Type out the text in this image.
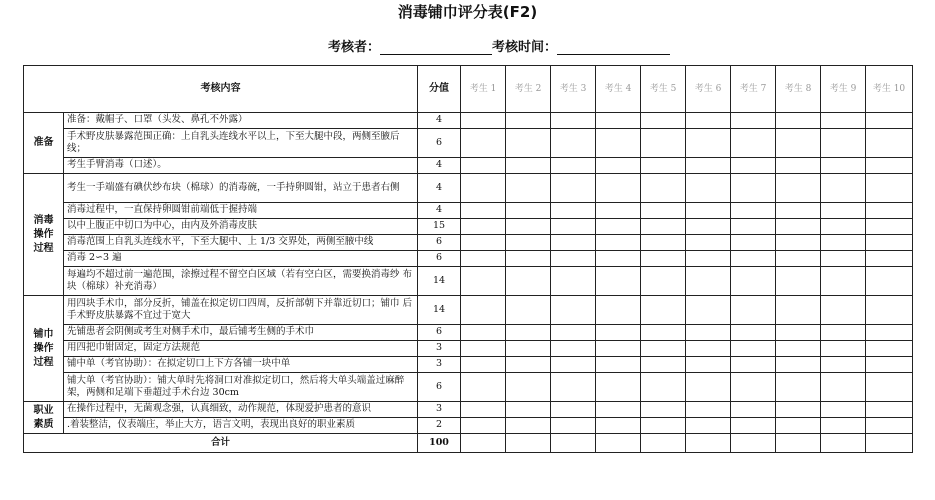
消毒铺巾评分表(F2)
考核者：	考核时间：
考核内容		分值	考生 1	考生 2	考生 3	考生 4	考生 5	考生 6	考生 7	考生 8	考生 9	考生 10
准备	准备：戴帽子、口罩（头发、鼻孔不外露）	4										
	手术野皮肤暴露范围正确：上自乳头连线水平以上，下至大腿中段，两侧至腋后线；	6										
	考生手臂消毒（口述）。	4										
消毒
操作
过程	考生一手端盛有碘伏纱布块（棉球）的消毒碗，一手持卵圆钳，站立于患者右侧	4										
	消毒过程中，一直保持卵圆钳前端低于握持端	4										
	以中上腹正中切口为中心，由内及外消毒皮肤	15										
	消毒范围上自乳头连线水平，下至大腿中、上 1/3 交界处，两侧至腋中线	6										
	消毒 2∽3 遍	6										
	每遍均不超过前一遍范围，涂擦过程不留空白区域（若有空白区，需要换消毒纱 布块（棉球）补充消毒）	14										
铺巾
操作
过程	用四块手术巾，部分反折，铺盖在拟定切口四周，反折部朝下并靠近切口；铺巾 后手术野皮肤暴露不宜过于宽大	14										
	先铺患者会阴侧或考生对侧手术巾，最后铺考生侧的手术巾	6										
	用四把巾钳固定，固定方法规范	3										
	铺中单（考官协助）：在拟定切口上下方各铺一块中单	3										
	铺大单（考官协助）：铺大单时先将洞口对准拟定切口，然后将大单头端盖过麻醉 架，两侧和足端下垂超过手术台边 30cm	6										
职业
素质	在操作过程中，无菌观念强，认真细致，动作规范，体现爱护患者的意识	3										
	.着装整洁，仪表端庄，举止大方，语言文明，表现出良好的职业素质	2										
合计		100										
